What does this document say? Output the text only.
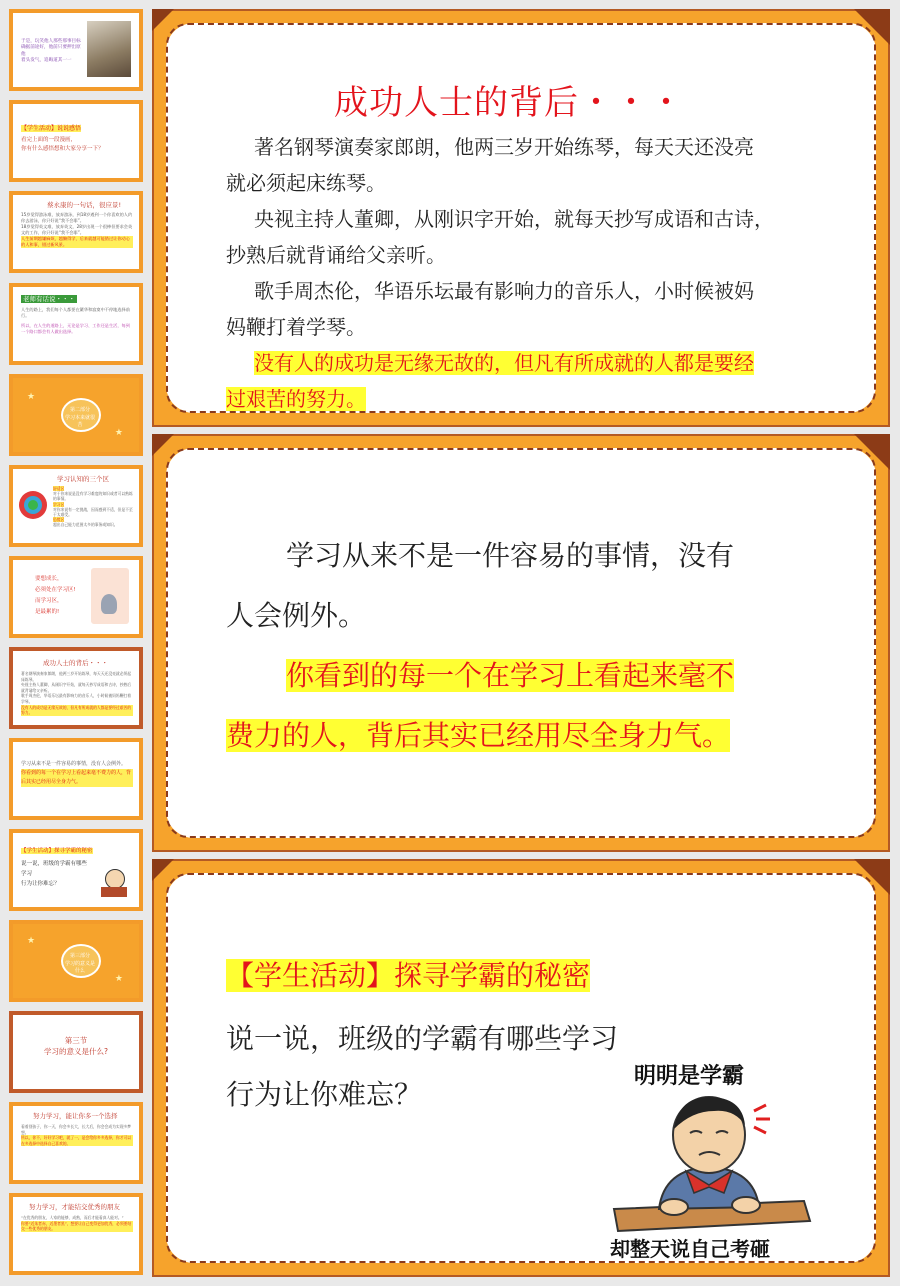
于是，玩笑他人那些那事目标
确据前途好，他前只要押出原他
着头发气，追晦道其一一
【学生活动】说说感悟
看完上面的一段漫画，
你有什么感悟想和大家分享一下？
蔡永康的一句话，很应景!
15岁觉得游泳难，放弃游泳，到18岁遇到一个你喜欢的人约你去游泳，你只好说“我不会耶”。
18岁觉得英文难，放弃英文，28岁出现一个很棒但要求会英文的工作，你只好说“我不会耶”。
人生前期越嫌麻烦，越懒得学，后来就越可能错过让你动心的人和事，错过新风景。
老师有话说・・・
人生的路上，我们每个人都要在繁华和寂寞中不停地选择前行。
所以，在人生的道路上，无论是学习、工作还是生活，每到一个路口都会有人做出选择。
第二部分
学习本来就很苦
★
★
学习认知的三个区
舒适区
对于你来说是没有学习难度的知识或者可以熟练的事情。
学习区
对你来说有一定挑战，因而感到不适，但是不至于太难受。
恐慌区
超出自己能力范围太多的事务或知识。
要想成长，
必须处在学习区!
而学习区，
是最累的!
成功人士的背后・・・
著名钢琴演奏家郎朗，他两三岁开始练琴，每天天还没亮就必须起床练琴。
央视主持人董卿，从刚识字开始，就每天抄写成语和古诗，抄熟后就背诵给父亲听。
歌手周杰伦，华语乐坛最有影响力的音乐人，小时候被妈妈鞭打着学琴。
没有人的成功是无缘无故的，但凡有所成就的人都是要经过艰苦的努力。
学习从来不是一件容易的事情，没有人会例外。
你看到的每一个在学习上看起来毫不费力的人，背后其实已经用尽全身力气。
【学生活动】探寻学霸的秘密
说一说，班级的学霸有哪些学习
行为让你难忘？
第三部分
学习的意义是什么
★
★
第三节
学习的意义是什么?
努力学习，能让你多一个选择
看着别孩子，你一天，你会多长大，长大后，你会会成为实现多梦想。
所以，你不，好好学习吧，就了一，是会给你多多选择，你才可以在多选择中选择自己喜欢的。
努力学习，才能结交优秀的朋友
“在优秀的朋友，人家的能够，成熟，而后才能看真人能对。”
你要“近朱者赤，近墨者黑”，想要让自己变得更加优秀，必须要结交一些优秀的朋友。
成功人士的背后・・・
著名钢琴演奏家郎朗，他两三岁开始练琴，每天天还没亮
就必须起床练琴。
央视主持人董卿，从刚识字开始，就每天抄写成语和古诗，
抄熟后就背诵给父亲听。
歌手周杰伦，华语乐坛最有影响力的音乐人，小时候被妈
妈鞭打着学琴。
没有人的成功是无缘无故的，但凡有所成就的人都是要经
过艰苦的努力。
学习从来不是一件容易的事情，没有
人会例外。
你看到的每一个在学习上看起来毫不
费力的人，背后其实已经用尽全身力气。
【学生活动】探寻学霸的秘密
说一说，班级的学霸有哪些学习
行为让你难忘？
明明是学霸
却整天说自己考砸
